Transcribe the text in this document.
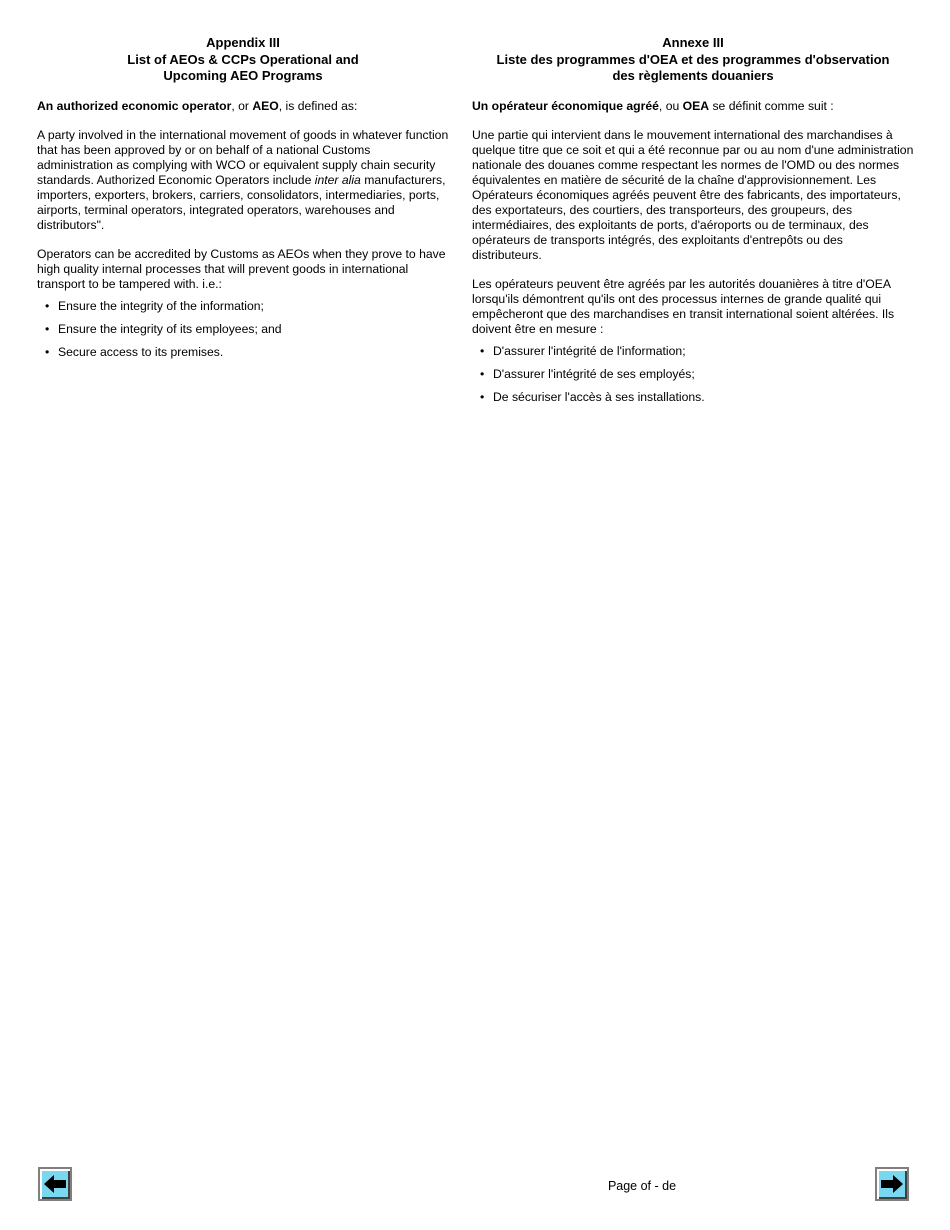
Appendix III
List of AEOs & CCPs Operational and
Upcoming AEO Programs

An authorized economic operator, or AEO, is defined as:

A party involved in the international movement of goods in whatever function that has been approved by or on behalf of a national Customs administration as complying with WCO or equivalent supply chain security standards. Authorized Economic Operators include inter alia manufacturers, importers, exporters, brokers, carriers, consolidators, intermediaries, ports, airports, terminal operators, integrated operators, warehouses and distributors".

Operators can be accredited by Customs as AEOs when they prove to have high quality internal processes that will prevent goods in international transport to be tampered with. i.e.:

• Ensure the integrity of the information;
• Ensure the integrity of its employees; and
• Secure access to its premises.
Annexe III
Liste des programmes d'OEA et des programmes d'observation
des règlements douaniers

Un opérateur économique agréé, ou OEA se définit comme suit :

Une partie qui intervient dans le mouvement international des marchandises à quelque titre que ce soit et qui a été reconnue par ou au nom d'une administration nationale des douanes comme respectant les normes de l'OMD ou des normes équivalentes en matière de sécurité de la chaîne d'approvisionnement. Les Opérateurs économiques agréés peuvent être des fabricants, des importateurs, des exportateurs, des courtiers, des transporteurs, des groupeurs, des intermédiaires, des exploitants de ports, d'aéroports ou de terminaux, des opérateurs de transports intégrés, des exploitants d'entrepôts ou des distributeurs.

Les opérateurs peuvent être agréés par les autorités douanières à titre d'OEA lorsqu'ils démontrent qu'ils ont des processus internes de grande qualité qui empêcheront que des marchandises en transit international soient altérées. Ils doivent être en mesure :

• D'assurer l'intégrité de l'information;
• D'assurer l'intégrité de ses employés;
• De sécuriser l'accès à ses installations.
Page of - de
